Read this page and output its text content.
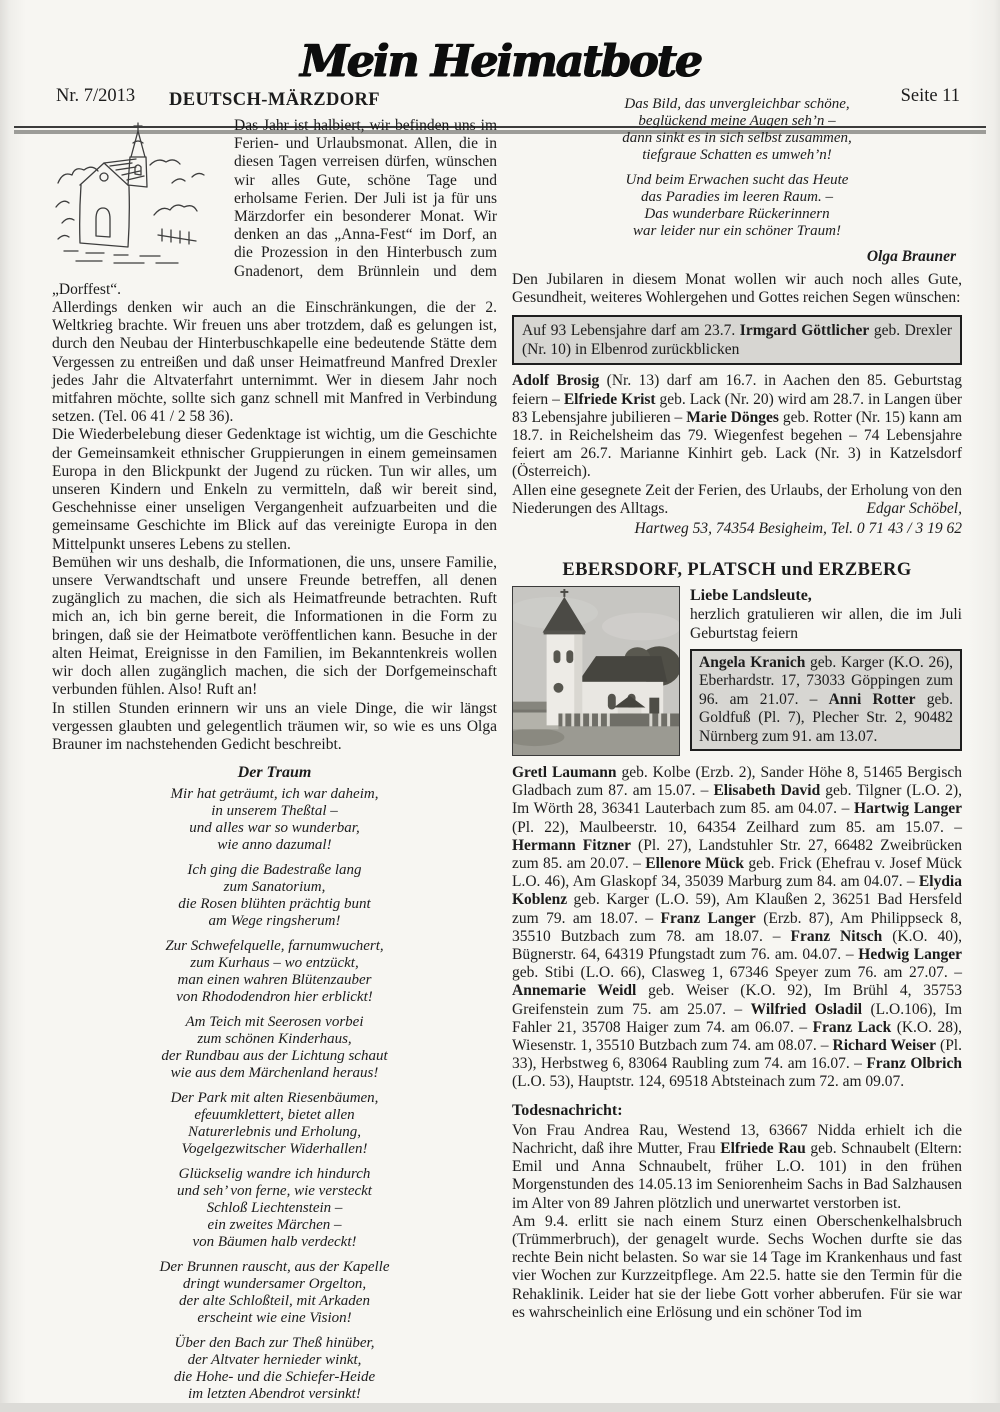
Nr. 7/2013
Mein Heimatbote
Seite 11
DEUTSCH-MÄRZDORF

Das Jahr ist halbiert, wir befinden uns im Ferien- und Urlaubsmonat. Allen, die in diesen Tagen verreisen dürfen, wünschen wir alles Gute, schöne Tage und erholsame Ferien. Der Juli ist ja für uns Märzdorfer ein besonderer Monat. Wir denken an das „Anna-Fest“ im Dorf, an die Prozession in den Hinterbusch zum Gnadenort, dem Brünnlein und dem „Dorffest“.

Allerdings denken wir auch an die Einschränkungen, die der 2. Weltkrieg brachte. Wir freuen uns aber trotzdem, daß es gelungen ist, durch den Neubau der Hinterbuschkapelle eine bedeutende Stätte dem Vergessen zu entreißen und daß unser Heimatfreund Manfred Drexler jedes Jahr die Altvaterfahrt unternimmt. Wer in diesem Jahr noch mitfahren möchte, sollte sich ganz schnell mit Manfred in Verbindung setzen. (Tel. 06 41 / 2 58 36).

Die Wiederbelebung dieser Gedenktage ist wichtig, um die Geschichte der Gemeinsamkeit ethnischer Gruppierungen in einem gemeinsamen Europa in den Blickpunkt der Jugend zu rücken. Tun wir alles, um unseren Kindern und Enkeln zu vermitteln, daß wir bereit sind, Geschehnisse einer unseligen Vergangenheit aufzuarbeiten und die gemeinsame Geschichte im Blick auf das vereinigte Europa in den Mittelpunkt unseres Lebens zu stellen.

Bemühen wir uns deshalb, die Informationen, die uns, unsere Familie, unsere Verwandtschaft und unsere Freunde betreffen, all denen zugänglich zu machen, die sich als Heimatfreunde betrachten. Ruft mich an, ich bin gerne bereit, die Informationen in die Form zu bringen, daß sie der Heimatbote veröffentlichen kann. Besuche in der alten Heimat, Ereignisse in den Familien, im Bekanntenkreis wollen wir doch allen zugänglich machen, die sich der Dorfgemeinschaft verbunden fühlen. Also! Ruft an!

In stillen Stunden erinnern wir uns an viele Dinge, die wir längst vergessen glaubten und gelegentlich träumen wir, so wie es uns Olga Brauner im nachstehenden Gedicht beschreibt.

Der Traum
Mir hat geträumt, ich war daheim,
in unserem Theßtal –
und alles war so wunderbar,
wie anno dazumal!
Ich ging die Badestraße lang
zum Sanatorium,
die Rosen blühten prächtig bunt
am Wege ringsherum!
Zur Schwefelquelle, farnumwuchert,
zum Kurhaus – wo entzückt,
man einen wahren Blütenzauber
von Rhododendron hier erblickt!
Am Teich mit Seerosen vorbei
zum schönen Kinderhaus,
der Rundbau aus der Lichtung schaut
wie aus dem Märchenland heraus!
Der Park mit alten Riesenbäumen,
efeuumklettert, bietet allen
Naturerlebnis und Erholung,
Vogelgezwitscher Widerhallen!
Glückselig wandre ich hindurch
und seh’ von ferne, wie versteckt
Schloß Liechtenstein –
ein zweites Märchen –
von Bäumen halb verdeckt!
Der Brunnen rauscht, aus der Kapelle
dringt wundersamer Orgelton,
der alte Schloßteil, mit Arkaden
erscheint wie eine Vision!
Über den Bach zur Theß hinüber,
der Altvater hernieder winkt,
die Hohe- und die Schiefer-Heide
im letzten Abendrot versinkt!
Das Bild, das unvergleichbar schöne,
beglückend meine Augen seh’n –
dann sinkt es in sich selbst zusammen,
tiefgraue Schatten es umweh’n!
Und beim Erwachen sucht das Heute
das Paradies im leeren Raum. –
Das wunderbare Rückerinnern
war leider nur ein schöner Traum!
Olga Brauner

Den Jubilaren in diesem Monat wollen wir auch noch alles Gute, Gesundheit, weiteres Wohlergehen und Gottes reichen Segen wünschen:

Auf 93 Lebensjahre darf am 23.7. Irmgard Göttlicher geb. Drexler (Nr. 10) in Elbenrod zurückblicken

Adolf Brosig (Nr. 13) darf am 16.7. in Aachen den 85. Geburtstag feiern – Elfriede Krist geb. Lack (Nr. 20) wird am 28.7. in Langen über 83 Lebensjahre jubilieren – Marie Dönges geb. Rotter (Nr. 15) kann am 18.7. in Reichelsheim das 79. Wiegenfest begehen – 74 Lebensjahre feiert am 26.7. Marianne Kinhirt geb. Lack (Nr. 3) in Katzelsdorf (Österreich).

Allen eine gesegnete Zeit der Ferien, des Urlaubs, der Erholung von den Niederungen des Alltags.	Edgar Schöbel,

Hartweg 53, 74354 Besigheim, Tel. 0 71 43 / 3 19 62
EBERSDORF, PLATSCH und ERZBERG
Liebe Landsleute,
herzlich gratulieren wir allen, die im Juli Geburtstag feiern
Angela Kranich geb. Karger (K.O. 26), Eberhardstr. 17, 73033 Göppingen zum 96. am 21.07. – Anni Rotter geb. Goldfuß (Pl. 7), Plecher Str. 2, 90482 Nürnberg zum 91. am 13.07.

Gretl Laumann geb. Kolbe (Erzb. 2), Sander Höhe 8, 51465 Bergisch Gladbach zum 87. am 15.07. – Elisabeth David geb. Tilgner (L.O. 2), Im Wörth 28, 36341 Lauterbach zum 85. am 04.07. – Hartwig Langer (Pl. 22), Maulbeerstr. 10, 64354 Zeilhard zum 85. am 15.07. – Hermann Fitzner (Pl. 27), Landstuhler Str. 27, 66482 Zweibrücken zum 85. am 20.07. – Ellenore Mück geb. Frick (Ehefrau v. Josef Mück L.O. 46), Am Glaskopf 34, 35039 Marburg zum 84. am 04.07. – Elydia Koblenz geb. Karger (L.O. 59), Am Klaußen 2, 36251 Bad Hersfeld zum 79. am 18.07. – Franz Langer (Erzb. 87), Am Philippseck 8, 35510 Butzbach zum 78. am 18.07. – Franz Nitsch (K.O. 40), Bügnerstr. 64, 64319 Pfungstadt zum 76. am. 04.07. – Hedwig Langer geb. Stibi (L.O. 66), Clasweg 1, 67346 Speyer zum 76. am 27.07. – Annemarie Weidl geb. Weiser (K.O. 92), Im Brühl 4, 35753 Greifenstein zum 75. am 25.07. – Wilfried Osladil (L.O.106), Im Fahler 21, 35708 Haiger zum 74. am 06.07. – Franz Lack (K.O. 28), Wiesenstr. 1, 35510 Butzbach zum 74. am 08.07. – Richard Weiser (Pl. 33), Herbstweg 6, 83064 Raubling zum 74. am 16.07. – Franz Olbrich (L.O. 53), Hauptstr. 124, 69518 Abtsteinach zum 72. am 09.07.

Todesnachricht:

Von Frau Andrea Rau, Westend 13, 63667 Nidda erhielt ich die Nachricht, daß ihre Mutter, Frau Elfriede Rau geb. Schnaubelt (Eltern: Emil und Anna Schnaubelt, früher L.O. 101) in den frühen Morgenstunden des 14.05.13 im Seniorenheim Sachs in Bad Salzhausen im Alter von 89 Jahren plötzlich und unerwartet verstorben ist.

Am 9.4. erlitt sie nach einem Sturz einen Oberschenkelhalsbruch (Trümmerbruch), der genagelt wurde. Sechs Wochen durfte sie das rechte Bein nicht belasten. So war sie 14 Tage im Krankenhaus und fast vier Wochen zur Kurzzeitpflege. Am 22.5. hatte sie den Termin für die Rehaklinik. Leider hat sie der liebe Gott vorher abberufen. Für sie war es wahrscheinlich eine Erlösung und ein schöner Tod im
